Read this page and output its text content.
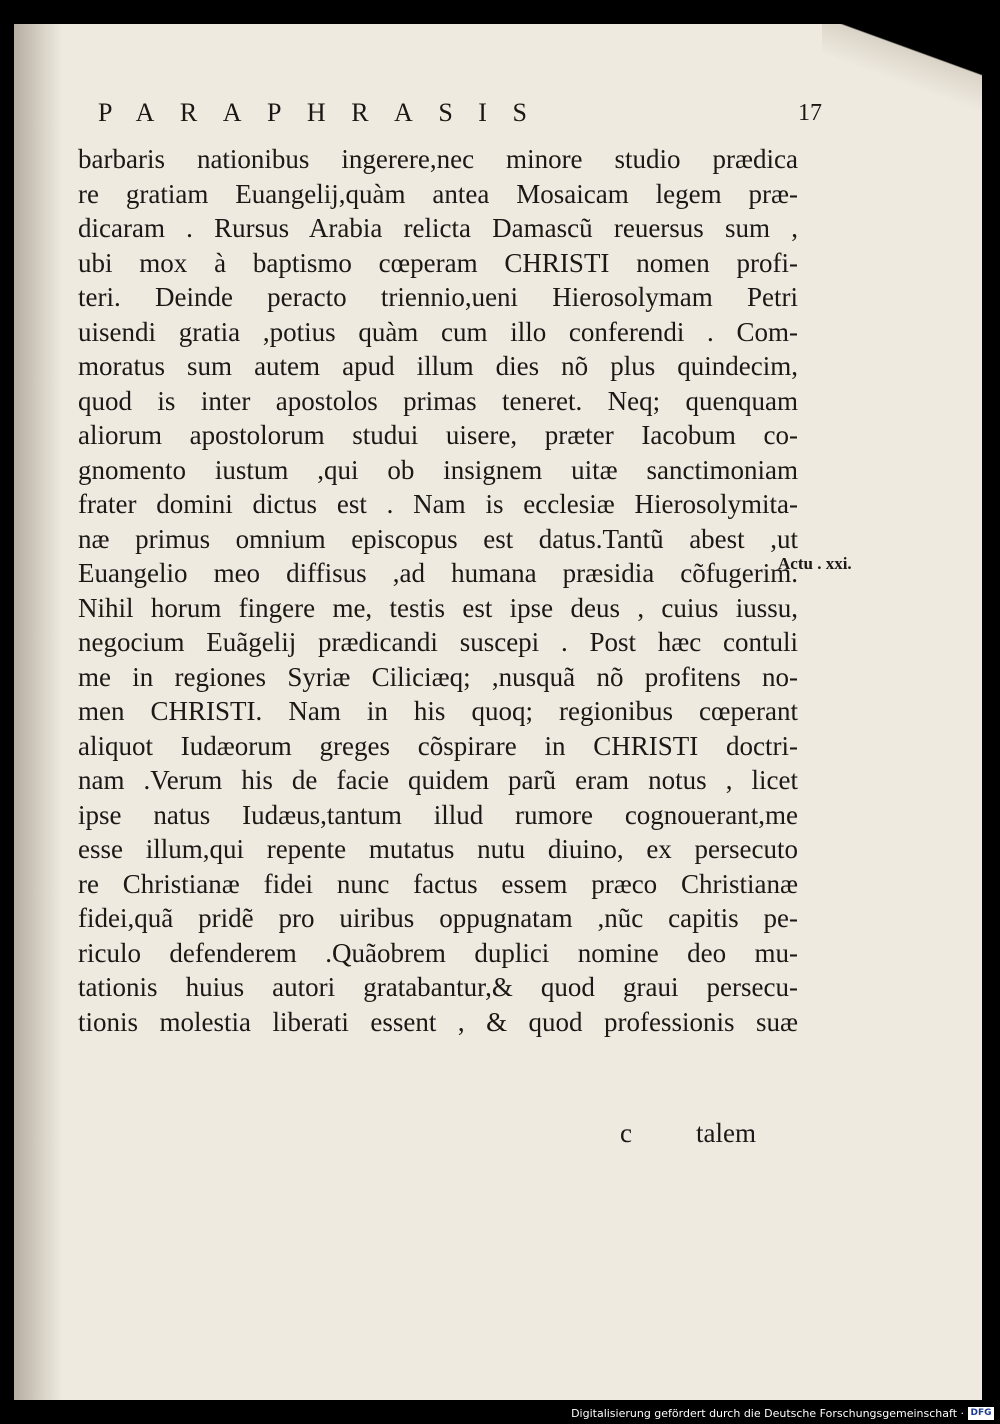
PARAPHRASIS	17
barbaris nationibus ingerere,nec minore studio prædica
re gratiam Euangelij,quàm antea Mosaicam legem præ-
dicaram . Rursus Arabia relicta Damascũ reuersus sum ,
ubi mox à baptismo cœperam CHRISTI nomen profi-
teri. Deinde peracto triennio,ueni Hierosolymam Petri
uisendi gratia ,potius quàm cum illo conferendi . Com-
moratus sum autem apud illum dies nõ plus quindecim,
quod is inter apostolos primas teneret. Neq; quenquam
aliorum apostolorum studui uisere, præter Iacobum co-
gnomento iustum ,qui ob insignem uitæ sanctimoniam
frater domini dictus est . Nam is ecclesiæ Hierosolymita-
næ primus omnium episcopus est datus.Tantũ abest ,ut
Euangelio meo diffisus ,ad humana præsidia cõfugerim.
Nihil horum fingere me, testis est ipse deus , cuius iussu,
negocium Euãgelij prædicandi suscepi . Post hæc contuli
me in regiones Syriæ Ciliciæq; ,nusquã nõ profitens no-
men CHRISTI. Nam in his quoq; regionibus cœperant
aliquot Iudæorum greges cõspirare in CHRISTI doctri-
nam .Verum his de facie quidem parũ eram notus , licet
ipse natus Iudæus,tantum illud rumore cognouerant,me
esse illum,qui repente mutatus nutu diuino, ex persecuto
re Christianæ fidei nunc factus essem præco Christianæ
fidei,quã pridẽ pro uiribus oppugnatam ,nũc capitis pe-
riculo defenderem .Quãobrem duplici nomine deo mu-
tationis huius autori gratabantur,& quod graui persecu-
tionis molestia liberati essent , & quod professionis suæ
c talem
Actu . xxi.
Digitalisierung gefördert durch die Deutsche Forschungsgemeinschaft · DFG
